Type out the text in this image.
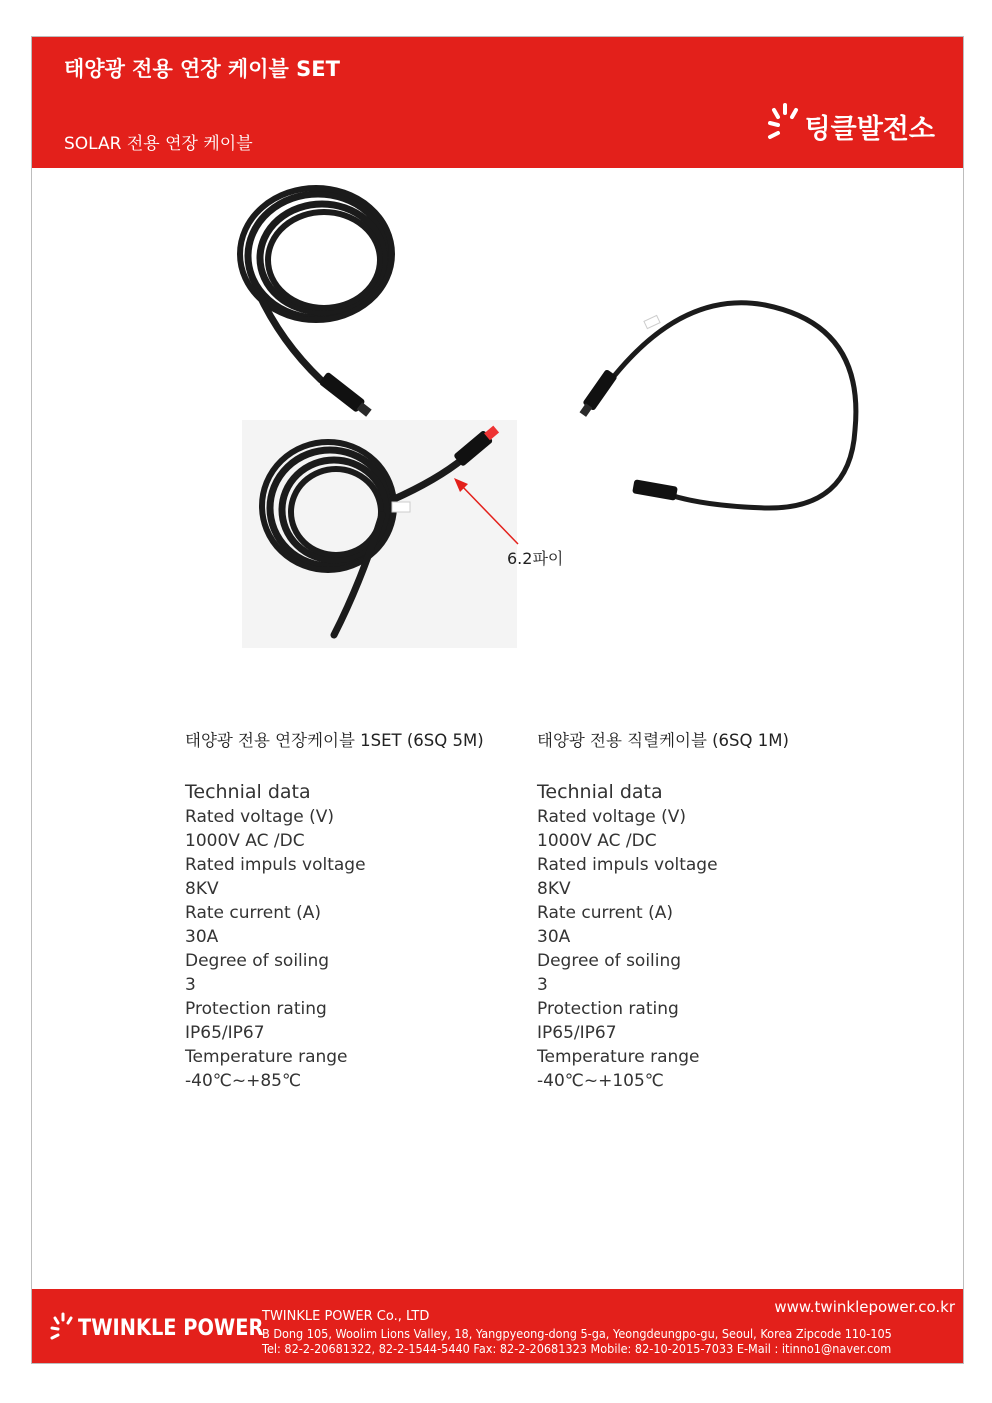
태양광 전용 연장 케이블 SET
SOLAR 전용 연장 케이블	팅클발전소
6.2파이
태양광 전용 연장케이블 1SET (6SQ 5M)
Technial data
Rated voltage (V)
1000V AC /DC
Rated impuls voltage
8KV
Rate current (A)
30A
Degree of soiling
3
Protection rating
IP65/IP67
Temperature range
-40℃~+85℃
태양광 전용 직렬케이블 (6SQ 1M)
Technial data
Rated voltage (V)
1000V AC /DC
Rated impuls voltage
8KV
Rate current (A)
30A
Degree of soiling
3
Protection rating
IP65/IP67
Temperature range
-40℃~+105℃
TWINKLE POWER
TWINKLE POWER Co., LTD
B Dong 105, Woolim Lions Valley, 18, Yangpyeong-dong 5-ga, Yeongdeungpo-gu, Seoul, Korea Zipcode 110-105
Tel: 82-2-20681322, 82-2-1544-5440 Fax: 82-2-20681323 Mobile: 82-10-2015-7033 E-Mail : itinno1@naver.com
www.twinklepower.co.kr
